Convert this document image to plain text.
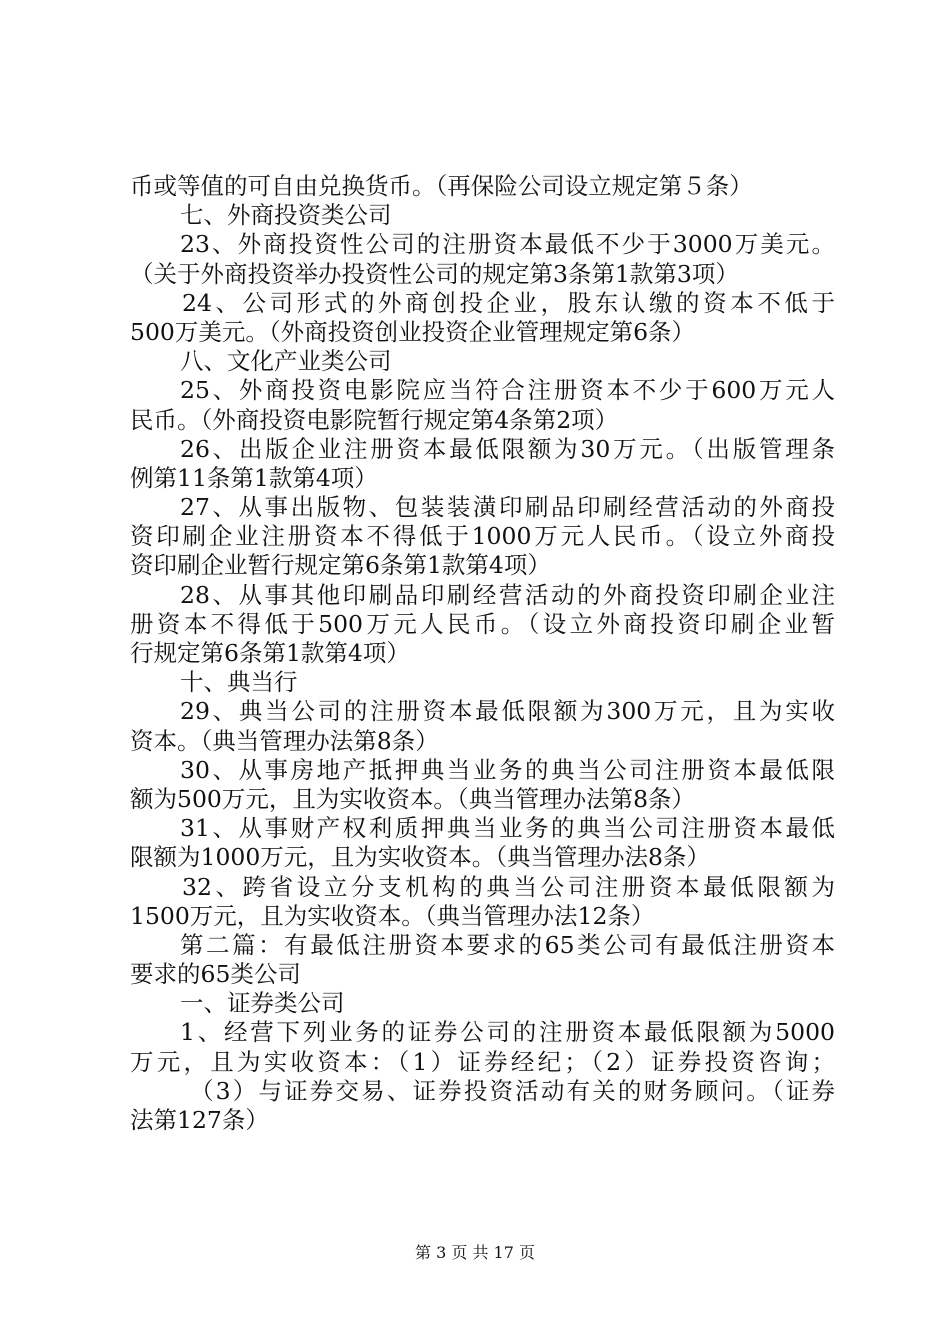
币或等值的可自由兑换货币。（再保险公司设立规定第５条）
七、外商投资类公司
23、外商投资性公司的注册资本最低不少于3000万美元。
（关于外商投资举办投资性公司的规定第3条第1款第3项）
24、公司形式的外商创投企业，股东认缴的资本不低于
500万美元。（外商投资创业投资企业管理规定第6条）
八、文化产业类公司
25、外商投资电影院应当符合注册资本不少于600万元人
民币。（外商投资电影院暂行规定第4条第2项）
26、出版企业注册资本最低限额为30万元。（出版管理条
例第11条第1款第4项）
27、从事出版物、包装装潢印刷品印刷经营活动的外商投
资印刷企业注册资本不得低于1000万元人民币。（设立外商投
资印刷企业暂行规定第6条第1款第4项）
28、从事其他印刷品印刷经营活动的外商投资印刷企业注
册资本不得低于500万元人民币。（设立外商投资印刷企业暂
行规定第6条第1款第4项）
十、典当行
29、典当公司的注册资本最低限额为300万元，且为实收
资本。（典当管理办法第8条）
30、从事房地产抵押典当业务的典当公司注册资本最低限
额为500万元，且为实收资本。（典当管理办法第8条）
31、从事财产权利质押典当业务的典当公司注册资本最低
限额为1000万元，且为实收资本。（典当管理办法8条）
32、跨省设立分支机构的典当公司注册资本最低限额为
1500万元，且为实收资本。（典当管理办法12条）
第二篇：有最低注册资本要求的65类公司有最低注册资本
要求的65类公司
一、证券类公司
1、经营下列业务的证券公司的注册资本最低限额为5000
万元，且为实收资本：（1）证券经纪；（2）证券投资咨询；
（3）与证券交易、证券投资活动有关的财务顾问。（证券
法第127条）
第 3 页 共 17 页
